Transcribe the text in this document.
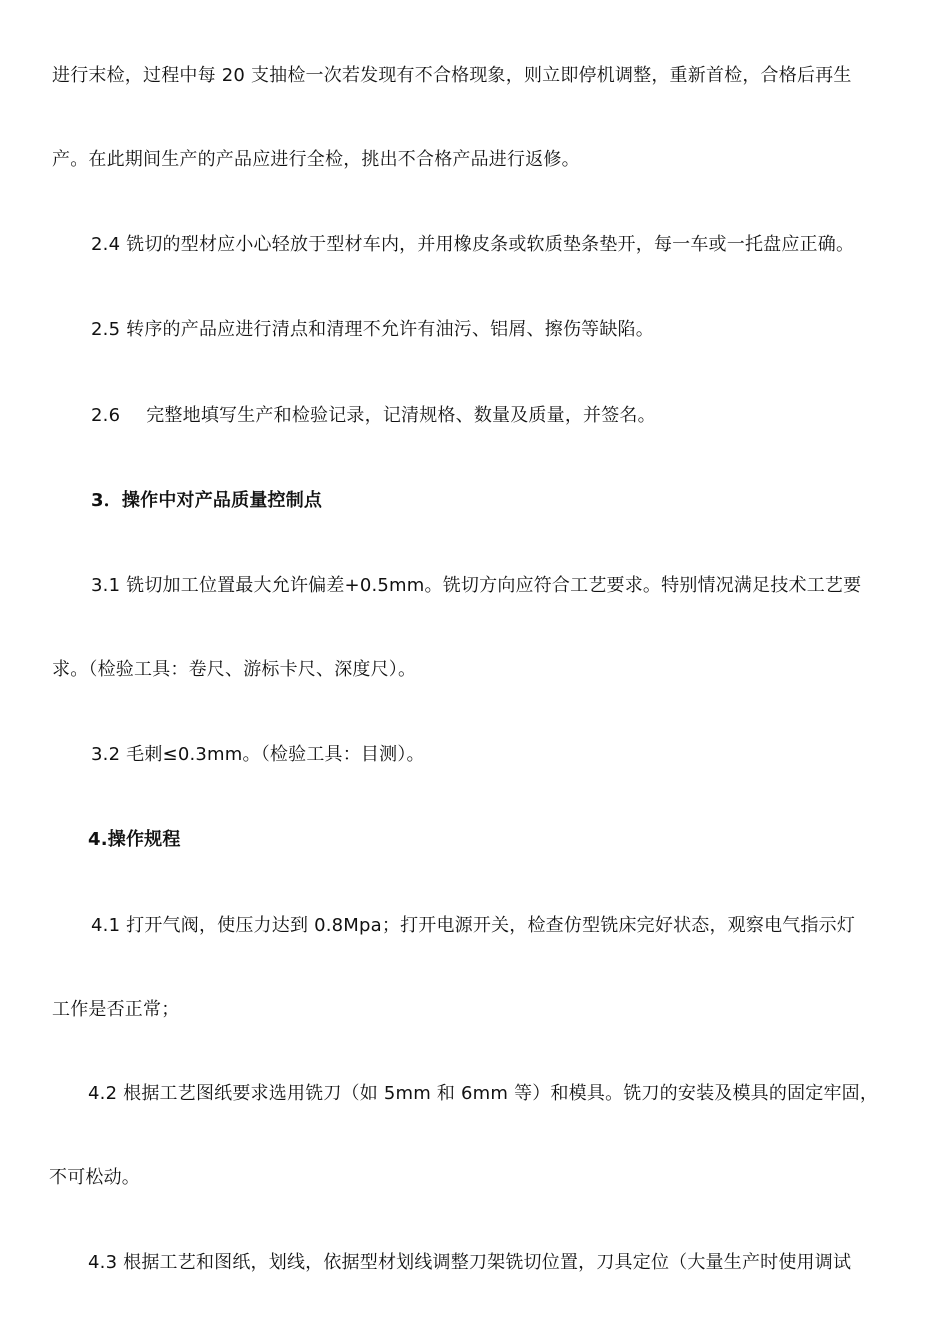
进行末检，过程中每 20 支抽检一次若发现有不合格现象，则立即停机调整，重新首检，合格后再生
产。在此期间生产的产品应进行全检，挑出不合格产品进行返修。
2.4 铣切的型材应小心轻放于型材车内，并用橡皮条或软质垫条垫开，每一车或一托盘应正确。
2.5 转序的产品应进行清点和清理不允许有油污、铝屑、擦伤等缺陷。
2.6 完整地填写生产和检验记录，记清规格、数量及质量，并签名。
3．操作中对产品质量控制点
3.1 铣切加工位置最大允许偏差+0.5mm。铣切方向应符合工艺要求。特别情况满足技术工艺要
求。（检验工具：卷尺、游标卡尺、深度尺）。
3.2 毛刺≤0.3mm。（检验工具：目测）。
4.操作规程
4.1 打开气阀，使压力达到 0.8Mpa；打开电源开关，检查仿型铣床完好状态，观察电气指示灯
工作是否正常；
4.2 根据工艺图纸要求选用铣刀（如 5mm 和 6mm 等）和模具。铣刀的安装及模具的固定牢固，
不可松动。
4.3 根据工艺和图纸，划线，依据型材划线调整刀架铣切位置，刀具定位（大量生产时使用调试
